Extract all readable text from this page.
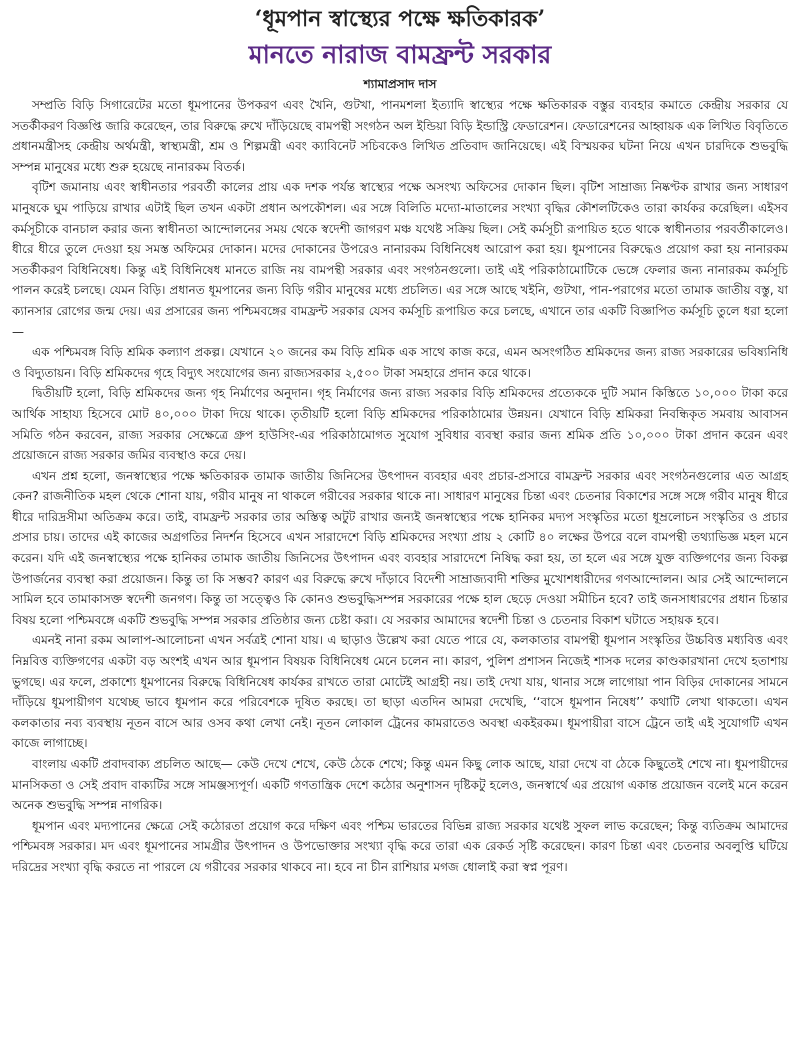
‘ধূমপান স্বাস্থ্যের পক্ষে ক্ষতিকারক’
মানতে নারাজ বামফ্রন্ট সরকার
শ্যামাপ্রসাদ দাস

সম্প্রতি বিড়ি সিগারেটের মতো ধূমপানের উপকরণ এবং খৈনি, গুটখা, পানমশলা ইত্যাদি স্বাস্থ্যের পক্ষে ক্ষতিকারক বস্তুর ব্যবহার কমাতে কেন্দ্রীয় সরকার যে সতর্কীকরণ বিজ্ঞপ্তি জারি করেছেন, তার বিরুদ্ধে রুখে দাঁড়িয়েছে বামপন্থী সংগঠন অল ইন্ডিয়া বিড়ি ইন্ডাস্ট্রি ফেডারেশন। ফেডারেশনের আহ্বায়ক এক লিখিত বিবৃতিতে প্রধানমন্ত্রীসহ কেন্দ্রীয় অর্থমন্ত্রী, স্বাস্থ্যমন্ত্রী, শ্রম ও শিল্পমন্ত্রী এবং ক্যাবিনেট সচিবকেও লিখিত প্রতিবাদ জানিয়েছে। এই বিস্ময়কর ঘটনা নিয়ে এখন চারদিকে শুভবুদ্ধি সম্পন্ন মানুষের মধ্যে শুরু হয়েছে নানারকম বিতর্ক।

বৃটিশ জমানায় এবং স্বাধীনতার পরবর্তী কালের প্রায় এক দশক পর্যন্ত স্বাস্থ্যের পক্ষে অসংখ্য অফিসের দোকান ছিল। বৃটিশ সাম্রাজ্য নিষ্কণ্টক রাখার জন্য সাধারণ মানুষকে ঘুম পাড়িয়ে রাখার এটাই ছিল তখন একটা প্রধান অপকৌশল। এর সঙ্গে বিলিতি মদ্যো-মাতালের সংখ্যা বৃদ্ধির কৌশলটিকেও তারা কার্যকর করেছিল। এইসব কর্মসূচীকে বানচাল করার জন্য স্বাধীনতা আন্দোলনের সময় থেকে স্বদেশী জাগরণ মঞ্চ যথেষ্ট সক্রিয় ছিল। সেই কর্মসূচী রূপায়িত হতে থাকে স্বাধীনতার পরবর্তীকালেও। ধীরে ধীরে তুলে দেওয়া হয় সমস্ত অফিমের দোকান। মদের দোকানের উপরেও নানারকম বিধিনিষেধ আরোপ করা হয়। ধূমপানের বিরুদ্ধেও প্রয়োগ করা হয় নানারকম সতর্কীকরণ বিধিনিষেধ। কিন্তু এই বিধিনিষেধ মানতে রাজি নয় বামপন্থী সরকার এবং সংগঠনগুলো। তাই এই পরিকাঠামোটিকে ভেঙ্গে ফেলার জন্য নানারকম কর্মসূচি পালন করেই চলছে। যেমন বিড়ি। প্রধানত ধূমপানের জন্য বিড়ি গরীব মানুষের মধ্যে প্রচলিত। এর সঙ্গে আছে খইনি, গুটখা, পান-পরাগের মতো তামাক জাতীয় বস্তু, যা ক্যানসার রোগের জন্ম দেয়। এর প্রসারের জন্য পশ্চিমবঙ্গের বামফ্রন্ট সরকার যেসব কর্মসূচি রূপায়িত করে চলছে, এখানে তার একটি বিজ্ঞাপিত কর্মসূচি তুলে ধরা হলো—

এক পশ্চিমবঙ্গ বিড়ি শ্রমিক কল্যাণ প্রকল্প। যেখানে ২০ জনের কম বিড়ি শ্রমিক এক সাথে কাজ করে, এমন অসংগঠিত শ্রমিকদের জন্য রাজ্য সরকারের ভবিষ্যনিধি ও বিদ্যুতায়ন। বিড়ি শ্রমিকদের গৃহে বিদ্যুৎ সংযোগের জন্য রাজ্যসরকার ২,৫০০ টাকা সমহারে প্রদান করে থাকে।

দ্বিতীয়টি হলো, বিড়ি শ্রমিকদের জন্য গৃহ নির্মাণের অনুদান। গৃহ নির্মাণের জন্য রাজ্য সরকার বিড়ি শ্রমিকদের প্রত্যেককে দুটি সমান কিস্তিতে ১০,০০০ টাকা করে আর্থিক সাহায্য হিসেবে মোট ৪০,০০০ টাকা দিয়ে থাকে। তৃতীয়টি হলো বিড়ি শ্রমিকদের পরিকাঠামোর উন্নয়ন। যেখানে বিড়ি শ্রমিকরা নিবন্ধিকৃত সমবায় আবাসন সমিতি গঠন করবেন, রাজ্য সরকার সেক্ষেত্রে গ্রুপ হাউসিং-এর পরিকাঠামোগত সুযোগ সুবিধার ব্যবস্থা করার জন্য শ্রমিক প্রতি ১০,০০০ টাকা প্রদান করেন এবং প্রয়োজনে রাজ্য সরকার জমির ব্যবস্থাও করে দেয়।

এখন প্রশ্ন হলো, জনস্বাস্থ্যের পক্ষে ক্ষতিকারক তামাক জাতীয় জিনিসের উৎপাদন ব্যবহার এবং প্রচার-প্রসারে বামফ্রন্ট সরকার এবং সংগঠনগুলোর এত আগ্রহ কেন? রাজনীতিক মহল থেকে শোনা যায়, গরীব মানুষ না থাকলে গরীবের সরকার থাকে না। সাধারণ মানুষের চিন্তা এবং চেতনার বিকাশের সঙ্গে সঙ্গে গরীব মানুষ ধীরে ধীরে দারিদ্রসীমা অতিক্রম করে। তাই, বামফ্রন্ট সরকার তার অস্তিত্ব অটুট রাখার জন্যই জনস্বাস্থ্যের পক্ষে হানিকর মদ্যপ সংস্কৃতির মতো ধূম্রলোচন সংস্কৃতির ও প্রচার প্রসার চায়। তাদের এই কাজের অগ্রগতির নিদর্শন হিসেবে এখন সারাদেশে বিড়ি শ্রমিকদের সংখ্যা প্রায় ২ কোটি ৪০ লক্ষের উপরে বলে বামপন্থী তথ্যাভিজ্ঞ মহল মনে করেন। যদি এই জনস্বাস্থ্যের পক্ষে হানিকর তামাক জাতীয় জিনিসের উৎপাদন এবং ব্যবহার সারাদেশে নিষিদ্ধ করা হয়, তা হলে এর সঙ্গে যুক্ত ব্যক্তিগণের জন্য বিকল্প উপার্জনের ব্যবস্থা করা প্রয়োজন। কিন্তু তা কি সম্ভব? কারণ এর বিরুদ্ধে রুখে দাঁড়াবে বিদেশী সাম্রাজ্যবাদী শক্তির মুখোশধারীদের গণআন্দোলন। আর সেই আন্দোলনে সামিল হবে তামাকাসক্ত স্বদেশী জনগণ। কিন্তু তা সত্ত্বেও কি কোনও শুভবুদ্ধিসম্পন্ন সরকারের পক্ষে হাল ছেড়ে দেওয়া সমীচিন হবে? তাই জনসাধারণের প্রধান চিন্তার বিষয় হলো পশ্চিমবঙ্গে একটি শুভবুদ্ধি সম্পন্ন সরকার প্রতিষ্ঠার জন্য চেষ্টা করা। যে সরকার আমাদের স্বদেশী চিন্তা ও চেতনার বিকাশ ঘটাতে সহায়ক হবে।

এমনই নানা রকম আলাপ-আলোচনা এখন সর্বত্রই শোনা যায়। এ ছাড়াও উল্লেখ করা যেতে পারে যে, কলকাতার বামপন্থী ধূমপান সংস্কৃতির উচ্চবিত্ত মধ্যবিত্ত এবং নিম্নবিত্ত ব্যক্তিগণের একটা বড় অংশই এখন আর ধূমপান বিষয়ক বিধিনিষেধ মেনে চলেন না। কারণ, পুলিশ প্রশাসন নিজেই শাসক দলের কাণ্ডকারখানা দেখে হতাশায় ভুগছে। এর ফলে, প্রকাশ্যে ধূমপানের বিরুদ্ধে বিধিনিষেধ কার্যকর রাখতে তারা মোটেই আগ্রহী নয়। তাই দেখা যায়, থানার সঙ্গে লাগোয়া পান বিড়ির দোকানের সামনে দাঁড়িয়ে ধূমপায়ীগণ যথেচ্ছ ভাবে ধূমপান করে পরিবেশকে দূষিত করছে। তা ছাড়া এতদিন আমরা দেখেছি, ‘‘বাসে ধূমপান নিষেধ’’ কথাটি লেখা থাকতো। এখন কলকাতার নব্য ব্যবস্থায় নূতন বাসে আর ওসব কথা লেখা নেই। নূতন লোকাল ট্রেনের কামরাতেও অবস্থা একইরকম। ধূমপায়ীরা বাসে ট্রেনে তাই এই সুযোগটি এখন কাজে লাগাচ্ছে।

বাংলায় একটি প্রবাদবাক্য প্রচলিত আছে— কেউ দেখে শেখে, কেউ ঠেকে শেখে; কিন্তু এমন কিছু লোক আছে, যারা দেখে বা ঠেকে কিছুতেই শেখে না। ধূমপায়ীদের মানসিকতা ও সেই প্রবাদ বাক্যটির সঙ্গে সামঞ্জস্যপূর্ণ। একটি গণতান্ত্রিক দেশে কঠোর অনুশাসন দৃষ্টিকটু হলেও, জনস্বার্থে এর প্রয়োগ একান্ত প্রয়োজন বলেই মনে করেন অনেক শুভবুদ্ধি সম্পন্ন নাগরিক।

ধূমপান এবং মদ্যপানের ক্ষেত্রে সেই কঠোরতা প্রয়োগ করে দক্ষিণ এবং পশ্চিম ভারতের বিভিন্ন রাজ্য সরকার যথেষ্ট সুফল লাভ করেছেন; কিন্তু ব্যতিক্রম আমাদের পশ্চিমবঙ্গ সরকার। মদ এবং ধূমপানের সামগ্রীর উৎপাদন ও উপভোক্তার সংখ্যা বৃদ্ধি করে তারা এক রেকর্ড সৃষ্টি করেছেন। কারণ চিন্তা এবং চেতনার অবলুপ্তি ঘটিয়ে দরিদ্রের সংখ্যা বৃদ্ধি করতে না পারলে যে গরীবের সরকার থাকবে না। হবে না চীন রাশিয়ার মগজ ধোলাই করা স্বপ্ন পূরণ।
